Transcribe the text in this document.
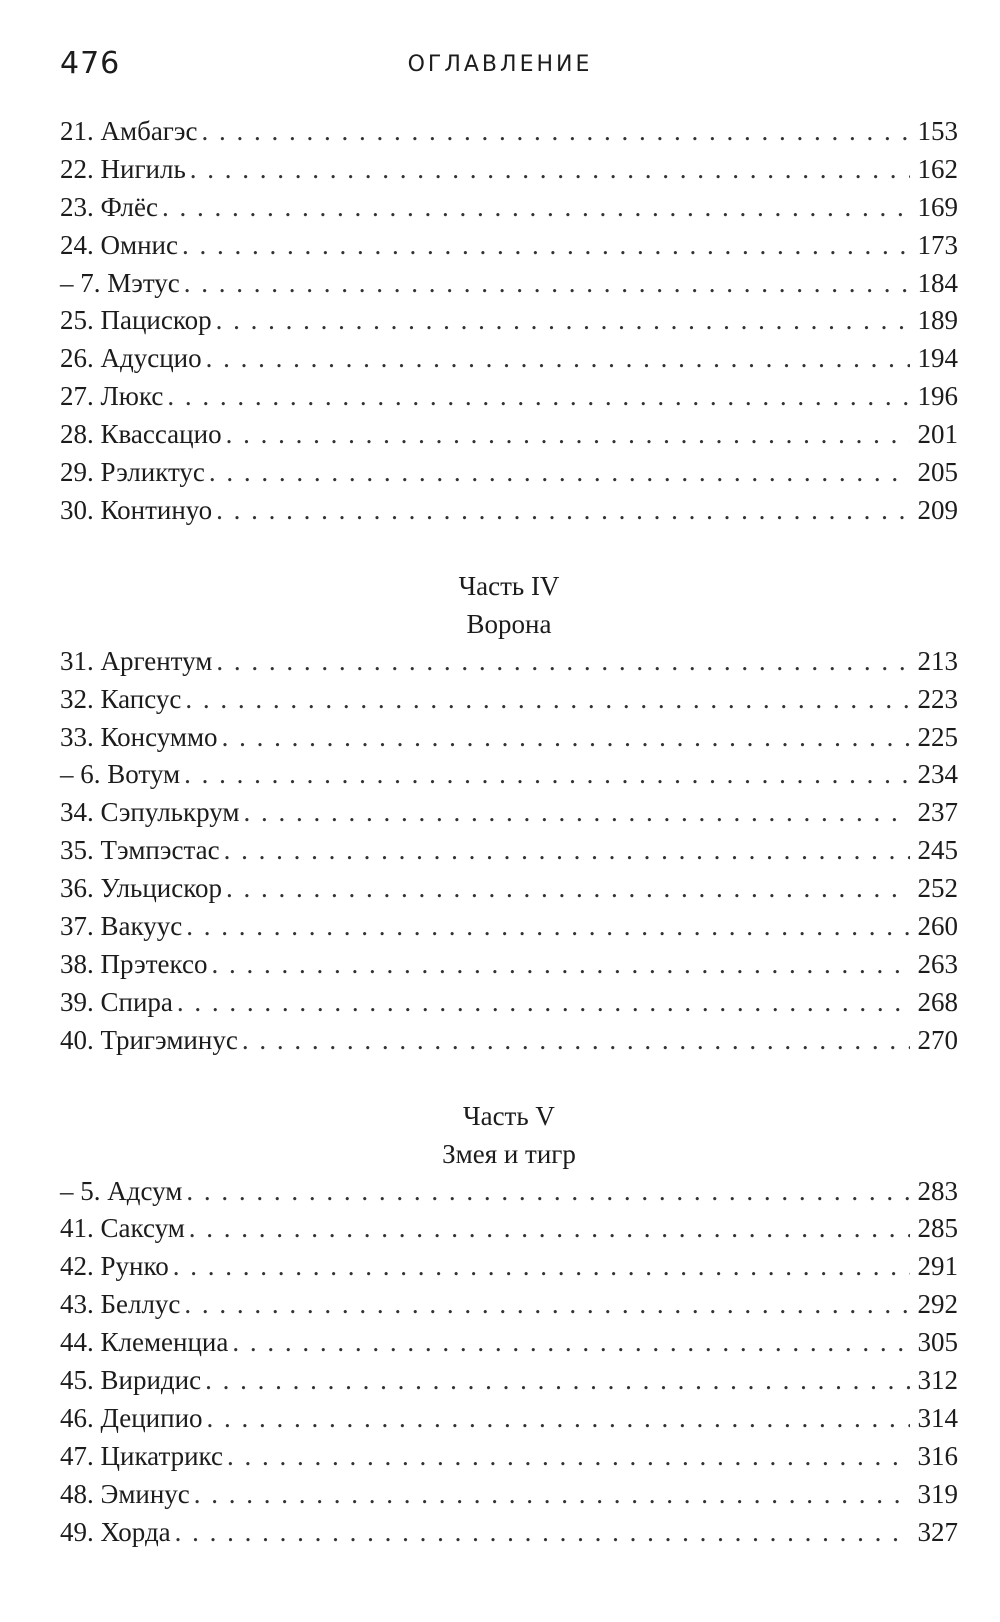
476	ОГЛАВЛЕНИЕ
21. Амбагэс . . .	153
22. Нигиль . . .	162
23. Флёс . . .	169
24. Омнис . . .	173
– 7. Мэтус . . .	184
25. Пацискор . . .	189
26. Адусцио . . .	194
27. Люкс . . .	196
28. Квассацио . . .	201
29. Рэликтус . . .	205
30. Континуо . . .	209
Часть IV
Ворона
31. Аргентум . . .	213
32. Капсус . . .	223
33. Консуммо . . .	225
– 6. Вотум . . .	234
34. Сэпулькрум . . .	237
35. Тэмпэстас . . .	245
36. Ульцискор . . .	252
37. Вакуус . . .	260
38. Прэтексо . . .	263
39. Спира . . .	268
40. Тригэминус . . .	270
Часть V
Змея и тигр
– 5. Адсум . . .	283
41. Саксум . . .	285
42. Рунко . . .	291
43. Беллус . . .	292
44. Клеменциа . . .	305
45. Виридис . . .	312
46. Деципио . . .	314
47. Цикатрикс . . .	316
48. Эминус . . .	319
49. Хорда . . .	327
